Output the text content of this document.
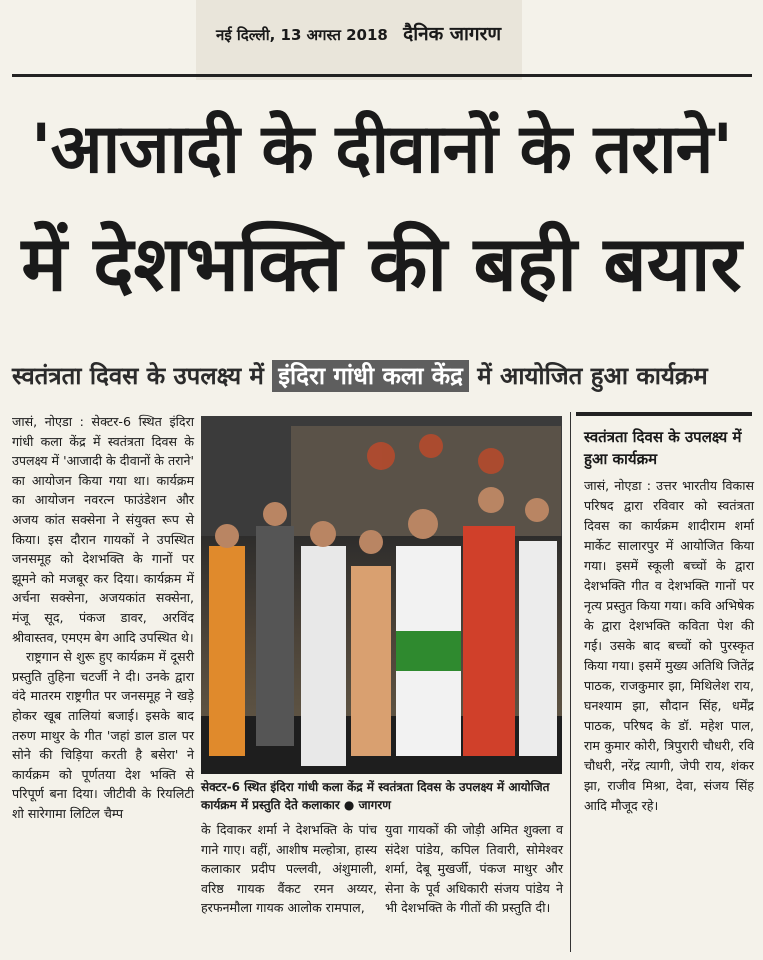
नई दिल्ली, 13 अगस्त 2018 दैनिक जागरण
'आजादी के दीवानों के तराने'
में देशभक्ति की बही बयार
स्वतंत्रता दिवस के उपलक्ष्य में इंदिरा गांधी कला केंद्र में आयोजित हुआ कार्यक्रम

जासं, नोएडा : सेक्टर-6 स्थित इंदिरा गांधी कला केंद्र में स्वतंत्रता दिवस के उपलक्ष्य में 'आजादी के दीवानों के तराने' का आयोजन किया गया था। कार्यक्रम का आयोजन नवरत्न फाउंडेशन और अजय कांत सक्सेना ने संयुक्त रूप से किया। इस दौरान गायकों ने उपस्थित जनसमूह को देशभक्ति के गानों पर झूमने को मजबूर कर दिया। कार्यक्रम में अर्चना सक्सेना, अजयकांत सक्सेना, मंजू सूद, पंकज डावर, अरविंद श्रीवास्तव, एमएम बेग आदि उपस्थित थे।

राष्ट्रगान से शुरू हुए कार्यक्रम में दूसरी प्रस्तुति तुहिना चटर्जी ने दी। उनके द्वारा वंदे मातरम राष्ट्रगीत पर जनसमूह ने खड़े होकर खूब तालियां बजाई। इसके बाद तरुण माथुर के गीत 'जहां डाल डाल पर सोने की चिड़िया करती है बसेरा' ने कार्यक्रम को पूर्णतया देश भक्ति से परिपूर्ण बना दिया। जीटीवी के रियलिटी शो सारेगामा लिटिल चैम्प

सेक्टर-6 स्थित इंदिरा गांधी कला केंद्र में स्वतंत्रता दिवस के उपलक्ष्य में आयोजित कार्यक्रम में प्रस्तुति देते कलाकार ● जागरण
के दिवाकर शर्मा ने देशभक्ति के पांच गाने गाए। वहीं, आशीष मल्होत्रा, हास्य कलाकार प्रदीप पल्लवी, अंशुमाली, वरिष्ठ गायक वैंकट रमन अय्यर, हरफनमौला गायक आलोक रामपाल,
युवा गायकों की जोड़ी अमित शुक्ला व संदेश पांडेय, कपिल तिवारी, सोमेश्वर शर्मा, देबू मुखर्जी, पंकज माथुर और सेना के पूर्व अधिकारी संजय पांडेय ने भी देशभक्ति के गीतों की प्रस्तुति दी।
स्वतंत्रता दिवस के उपलक्ष्य में हुआ कार्यक्रम
जासं, नोएडा : उत्तर भारतीय विकास परिषद द्वारा रविवार को स्वतंत्रता दिवस का कार्यक्रम शादीराम शर्मा मार्केट सालारपुर में आयोजित किया गया। इसमें स्कूली बच्चों के द्वारा देशभक्ति गीत व देशभक्ति गानों पर नृत्य प्रस्तुत किया गया। कवि अभिषेक के द्वारा देशभक्ति कविता पेश की गई। उसके बाद बच्चों को पुरस्कृत किया गया। इसमें मुख्य अतिथि जितेंद्र पाठक, राजकुमार झा, मिथिलेश राय, घनश्याम झा, सौदान सिंह, धर्मेंद्र पाठक, परिषद के डॉ. महेश पाल, राम कुमार कोरी, त्रिपुरारी चौधरी, रवि चौधरी, नरेंद्र त्यागी, जेपी राय, शंकर झा, राजीव मिश्रा, देवा, संजय सिंह आदि मौजूद रहे।
